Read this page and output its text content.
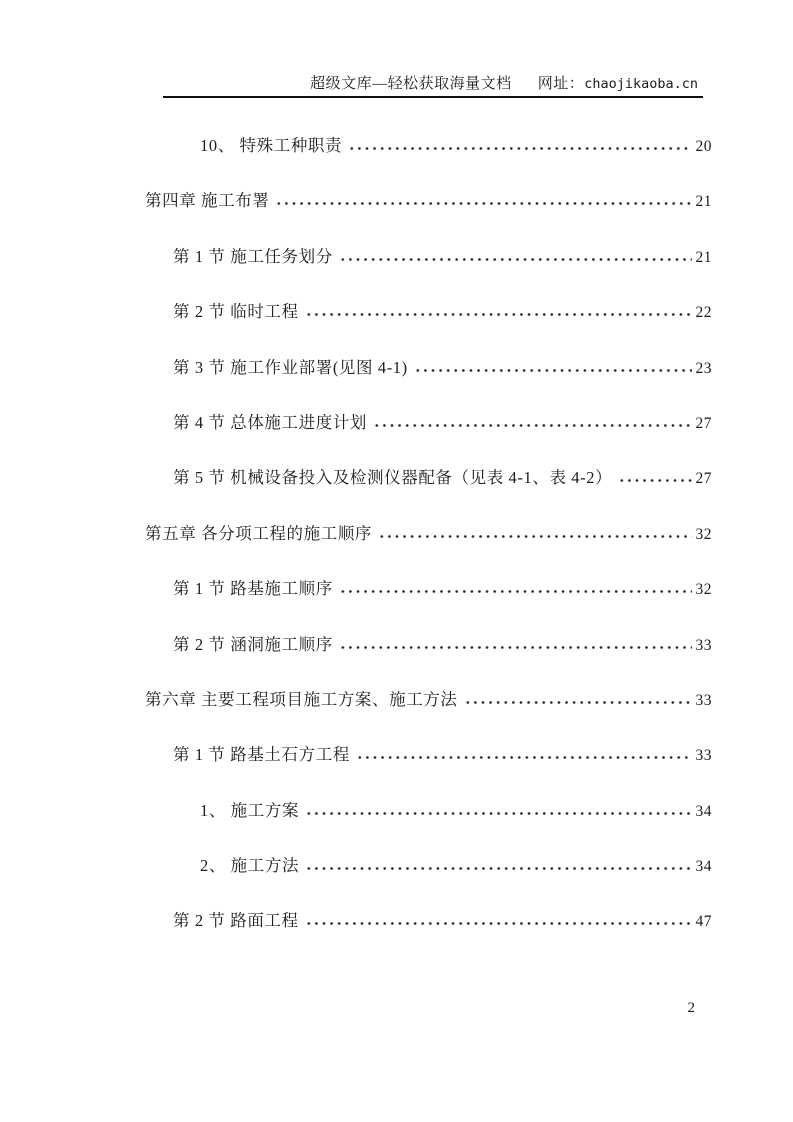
超级文库—轻松获取海量文档 网址：chaojikaoba.cn
10、 特殊工种职责	20
第四章 施工布署	21
第 1 节 施工任务划分	21
第 2 节 临时工程	22
第 3 节 施工作业部署(见图 4-1)	23
第 4 节 总体施工进度计划	27
第 5 节 机械设备投入及检测仪器配备（见表 4-1、表 4-2）	27
第五章 各分项工程的施工顺序	32
第 1 节 路基施工顺序	32
第 2 节 涵洞施工顺序	33
第六章 主要工程项目施工方案、施工方法	33
第 1 节 路基土石方工程	33
1、 施工方案	34
2、 施工方法	34
第 2 节 路面工程	47
2
